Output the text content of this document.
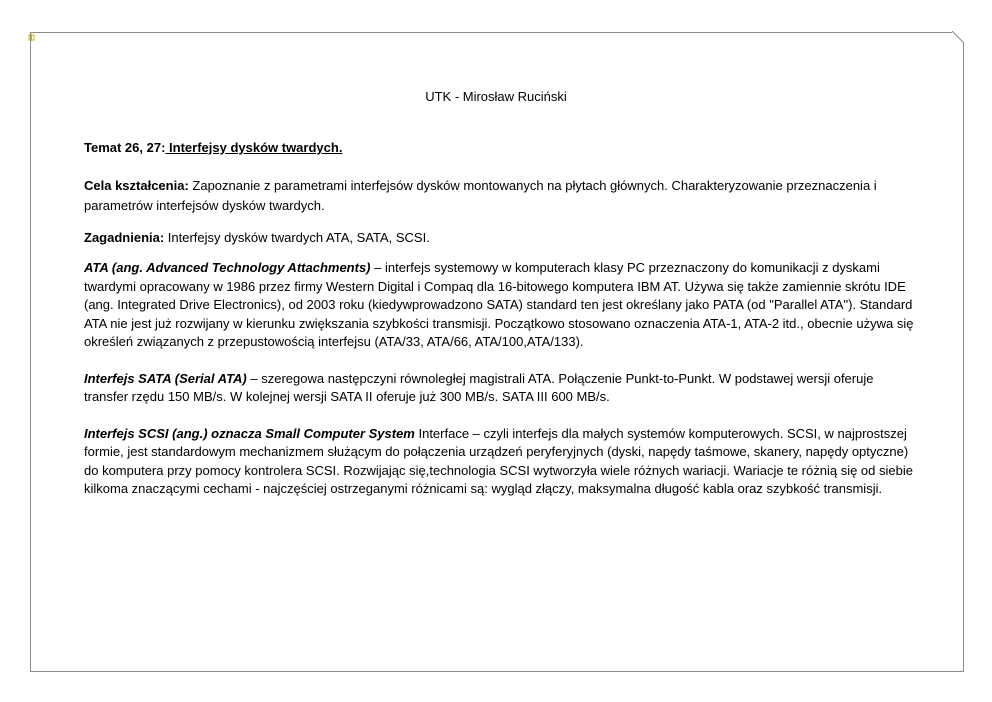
UTK - Mirosław Ruciński

Temat 26, 27: Interfejsy dysków twardych.

Cela kształcenia: Zapoznanie z parametrami interfejsów dysków montowanych na płytach głównych. Charakteryzowanie przeznaczenia i parametrów interfejsów dysków twardych.

Zagadnienia: Interfejsy dysków twardych ATA, SATA, SCSI.

ATA (ang. Advanced Technology Attachments) – interfejs systemowy w komputerach klasy PC przeznaczony do komunikacji z dyskami twardymi opracowany w 1986 przez firmy Western Digital i Compaq dla 16-bitowego komputera IBM AT. Używa się także zamiennie skrótu IDE (ang. Integrated Drive Electronics), od 2003 roku (kiedywprowadzono SATA) standard ten jest określany jako PATA (od "Parallel ATA"). Standard ATA nie jest już rozwijany w kierunku zwiększania szybkości transmisji. Początkowo stosowano oznaczenia ATA-1, ATA-2 itd., obecnie używa się określeń związanych z przepustowością interfejsu (ATA/33, ATA/66, ATA/100,ATA/133).

Interfejs SATA (Serial ATA) – szeregowa następczyni równoległej magistrali ATA. Połączenie Punkt-to-Punkt. W podstawej wersji oferuje transfer rzędu 150 MB/s. W kolejnej wersji SATA II oferuje już 300 MB/s. SATA III 600 MB/s.

Interfejs SCSI (ang.) oznacza Small Computer System Interface – czyli interfejs dla małych systemów komputerowych. SCSI, w najprostszej formie, jest standardowym mechanizmem służącym do połączenia urządzeń peryferyjnych (dyski, napędy taśmowe, skanery, napędy optyczne) do komputera przy pomocy kontrolera SCSI. Rozwijając się,technologia SCSI wytworzyła wiele różnych wariacji. Wariacje te różnią się od siebie kilkoma znaczącymi cechami - najczęściej ostrzeganymi różnicami są: wygląd złączy, maksymalna długość kabla oraz szybkość transmisji.
